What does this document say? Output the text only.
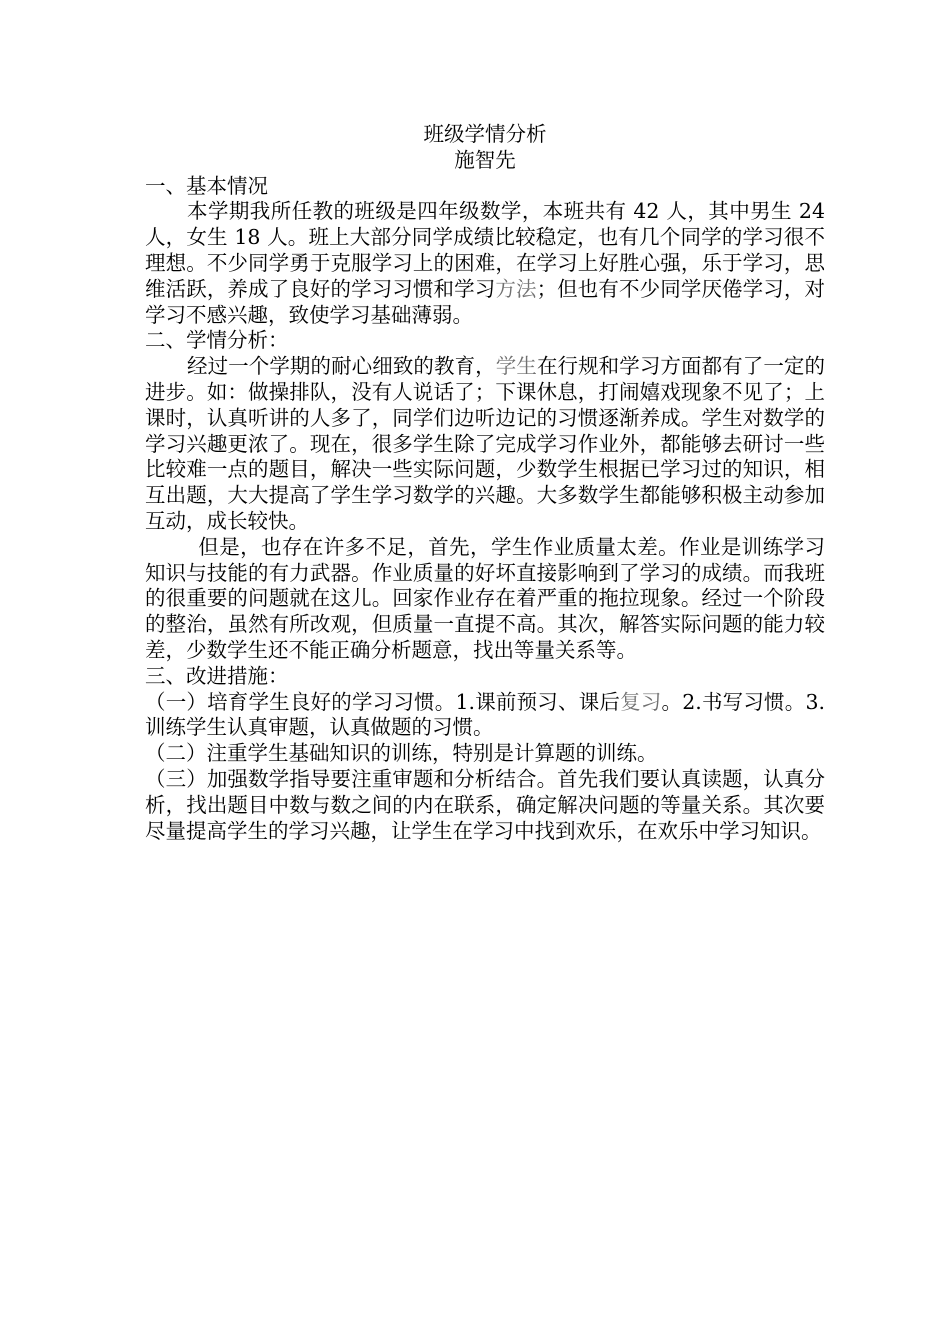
班级学情分析

施智先

一、基本情况

本学期我所任教的班级是四年级数学，本班共有 42 人，其中男生 24 人，女生 18 人。班上大部分同学成绩比较稳定，也有几个同学的学习很不理想。不少同学勇于克服学习上的困难，在学习上好胜心强，乐于学习，思维活跃，养成了良好的学习习惯和学习方法；但也有不少同学厌倦学习，对学习不感兴趣，致使学习基础薄弱。

二、学情分析：

经过一个学期的耐心细致的教育，学生在行规和学习方面都有了一定的进步。如：做操排队，没有人说话了；下课休息，打闹嬉戏现象不见了；上课时，认真听讲的人多了，同学们边听边记的习惯逐渐养成。学生对数学的学习兴趣更浓了。现在，很多学生除了完成学习作业外，都能够去研讨一些比较难一点的题目，解决一些实际问题，少数学生根据已学习过的知识，相互出题，大大提高了学生学习数学的兴趣。大多数学生都能够积极主动参加互动，成长较快。

但是，也存在许多不足，首先，学生作业质量太差。作业是训练学习知识与技能的有力武器。作业质量的好坏直接影响到了学习的成绩。而我班的很重要的问题就在这儿。回家作业存在着严重的拖拉现象。经过一个阶段的整治，虽然有所改观，但质量一直提不高。其次，解答实际问题的能力较差，少数学生还不能正确分析题意，找出等量关系等。

三、改进措施：

（一）培育学生良好的学习习惯。1.课前预习、课后复习。2.书写习惯。3.训练学生认真审题，认真做题的习惯。

（二）注重学生基础知识的训练，特别是计算题的训练。

（三）加强数学指导要注重审题和分析结合。首先我们要认真读题，认真分析，找出题目中数与数之间的内在联系，确定解决问题的等量关系。其次要尽量提高学生的学习兴趣，让学生在学习中找到欢乐，在欢乐中学习知识。
